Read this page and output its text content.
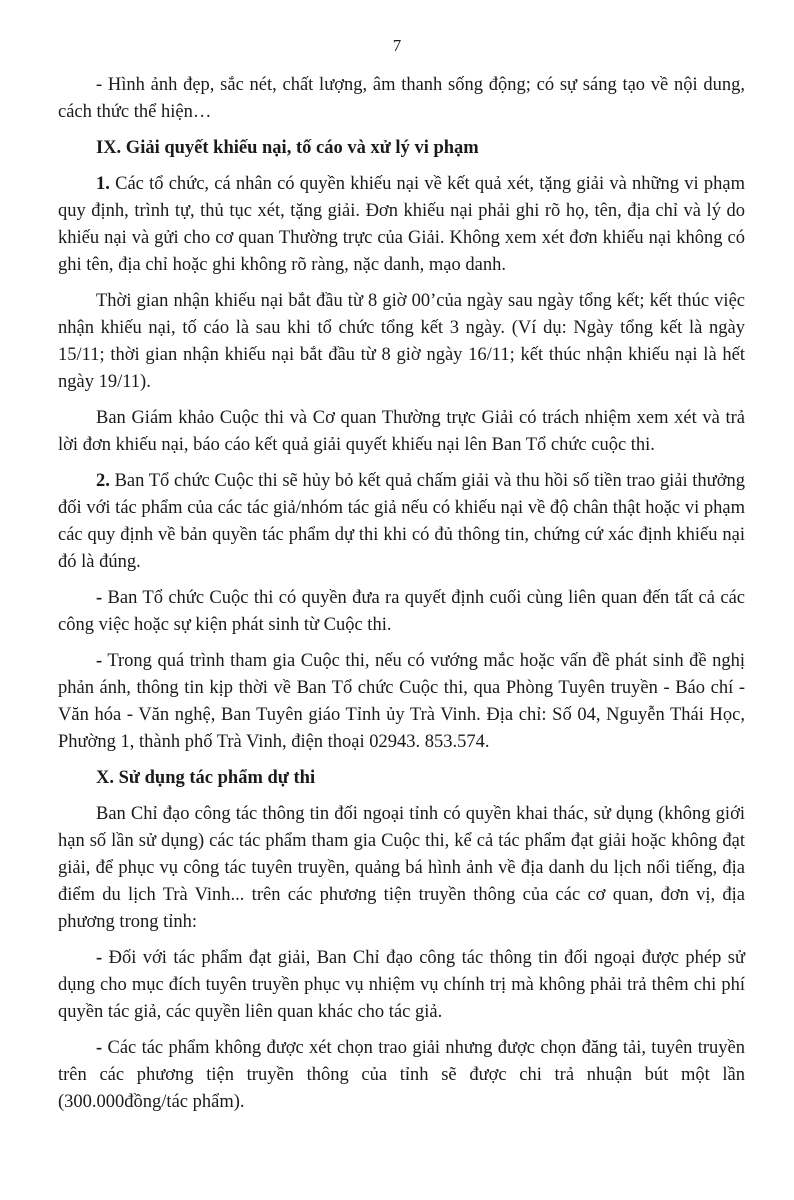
7

- Hình ảnh đẹp, sắc nét, chất lượng, âm thanh sống động; có sự sáng tạo về nội dung, cách thức thể hiện…

IX. Giải quyết khiếu nại, tố cáo và xử lý vi phạm

1. Các tổ chức, cá nhân có quyền khiếu nại về kết quả xét, tặng giải và những vi phạm quy định, trình tự, thủ tục xét, tặng giải. Đơn khiếu nại phải ghi rõ họ, tên, địa chỉ và lý do khiếu nại và gửi cho cơ quan Thường trực của Giải. Không xem xét đơn khiếu nại không có ghi tên, địa chỉ hoặc ghi không rõ ràng, nặc danh, mạo danh.

Thời gian nhận khiếu nại bắt đầu từ 8 giờ 00’của ngày sau ngày tổng kết; kết thúc việc nhận khiếu nại, tố cáo là sau khi tổ chức tổng kết 3 ngày. (Ví dụ: Ngày tổng kết là ngày 15/11; thời gian nhận khiếu nại bắt đầu từ 8 giờ ngày 16/11; kết thúc nhận khiếu nại là hết ngày 19/11).

Ban Giám khảo Cuộc thi và Cơ quan Thường trực Giải có trách nhiệm xem xét và trả lời đơn khiếu nại, báo cáo kết quả giải quyết khiếu nại lên Ban Tổ chức cuộc thi.

2. Ban Tổ chức Cuộc thi sẽ hủy bỏ kết quả chấm giải và thu hồi số tiền trao giải thưởng đối với tác phẩm của các tác giả/nhóm tác giả nếu có khiếu nại về độ chân thật hoặc vi phạm các quy định về bản quyền tác phẩm dự thi khi có đủ thông tin, chứng cứ xác định khiếu nại đó là đúng.

- Ban Tổ chức Cuộc thi có quyền đưa ra quyết định cuối cùng liên quan đến tất cả các công việc hoặc sự kiện phát sinh từ Cuộc thi.

- Trong quá trình tham gia Cuộc thi, nếu có vướng mắc hoặc vấn đề phát sinh đề nghị phản ánh, thông tin kịp thời về Ban Tổ chức Cuộc thi, qua Phòng Tuyên truyền - Báo chí - Văn hóa - Văn nghệ, Ban Tuyên giáo Tỉnh ủy Trà Vinh. Địa chỉ: Số 04, Nguyễn Thái Học, Phường 1, thành phố Trà Vinh, điện thoại 02943. 853.574.

X. Sử dụng tác phẩm dự thi

Ban Chỉ đạo công tác thông tin đối ngoại tỉnh có quyền khai thác, sử dụng (không giới hạn số lần sử dụng) các tác phẩm tham gia Cuộc thi, kể cả tác phẩm đạt giải hoặc không đạt giải, để phục vụ công tác tuyên truyền, quảng bá hình ảnh về địa danh du lịch nổi tiếng, địa điểm du lịch Trà Vinh... trên các phương tiện truyền thông của các cơ quan, đơn vị, địa phương trong tỉnh:

- Đối với tác phẩm đạt giải, Ban Chỉ đạo công tác thông tin đối ngoại được phép sử dụng cho mục đích tuyên truyền phục vụ nhiệm vụ chính trị mà không phải trả thêm chi phí quyền tác giả, các quyền liên quan khác cho tác giả.

- Các tác phẩm không được xét chọn trao giải nhưng được chọn đăng tải, tuyên truyền trên các phương tiện truyền thông của tỉnh sẽ được chi trả nhuận bút một lần (300.000đồng/tác phẩm).
